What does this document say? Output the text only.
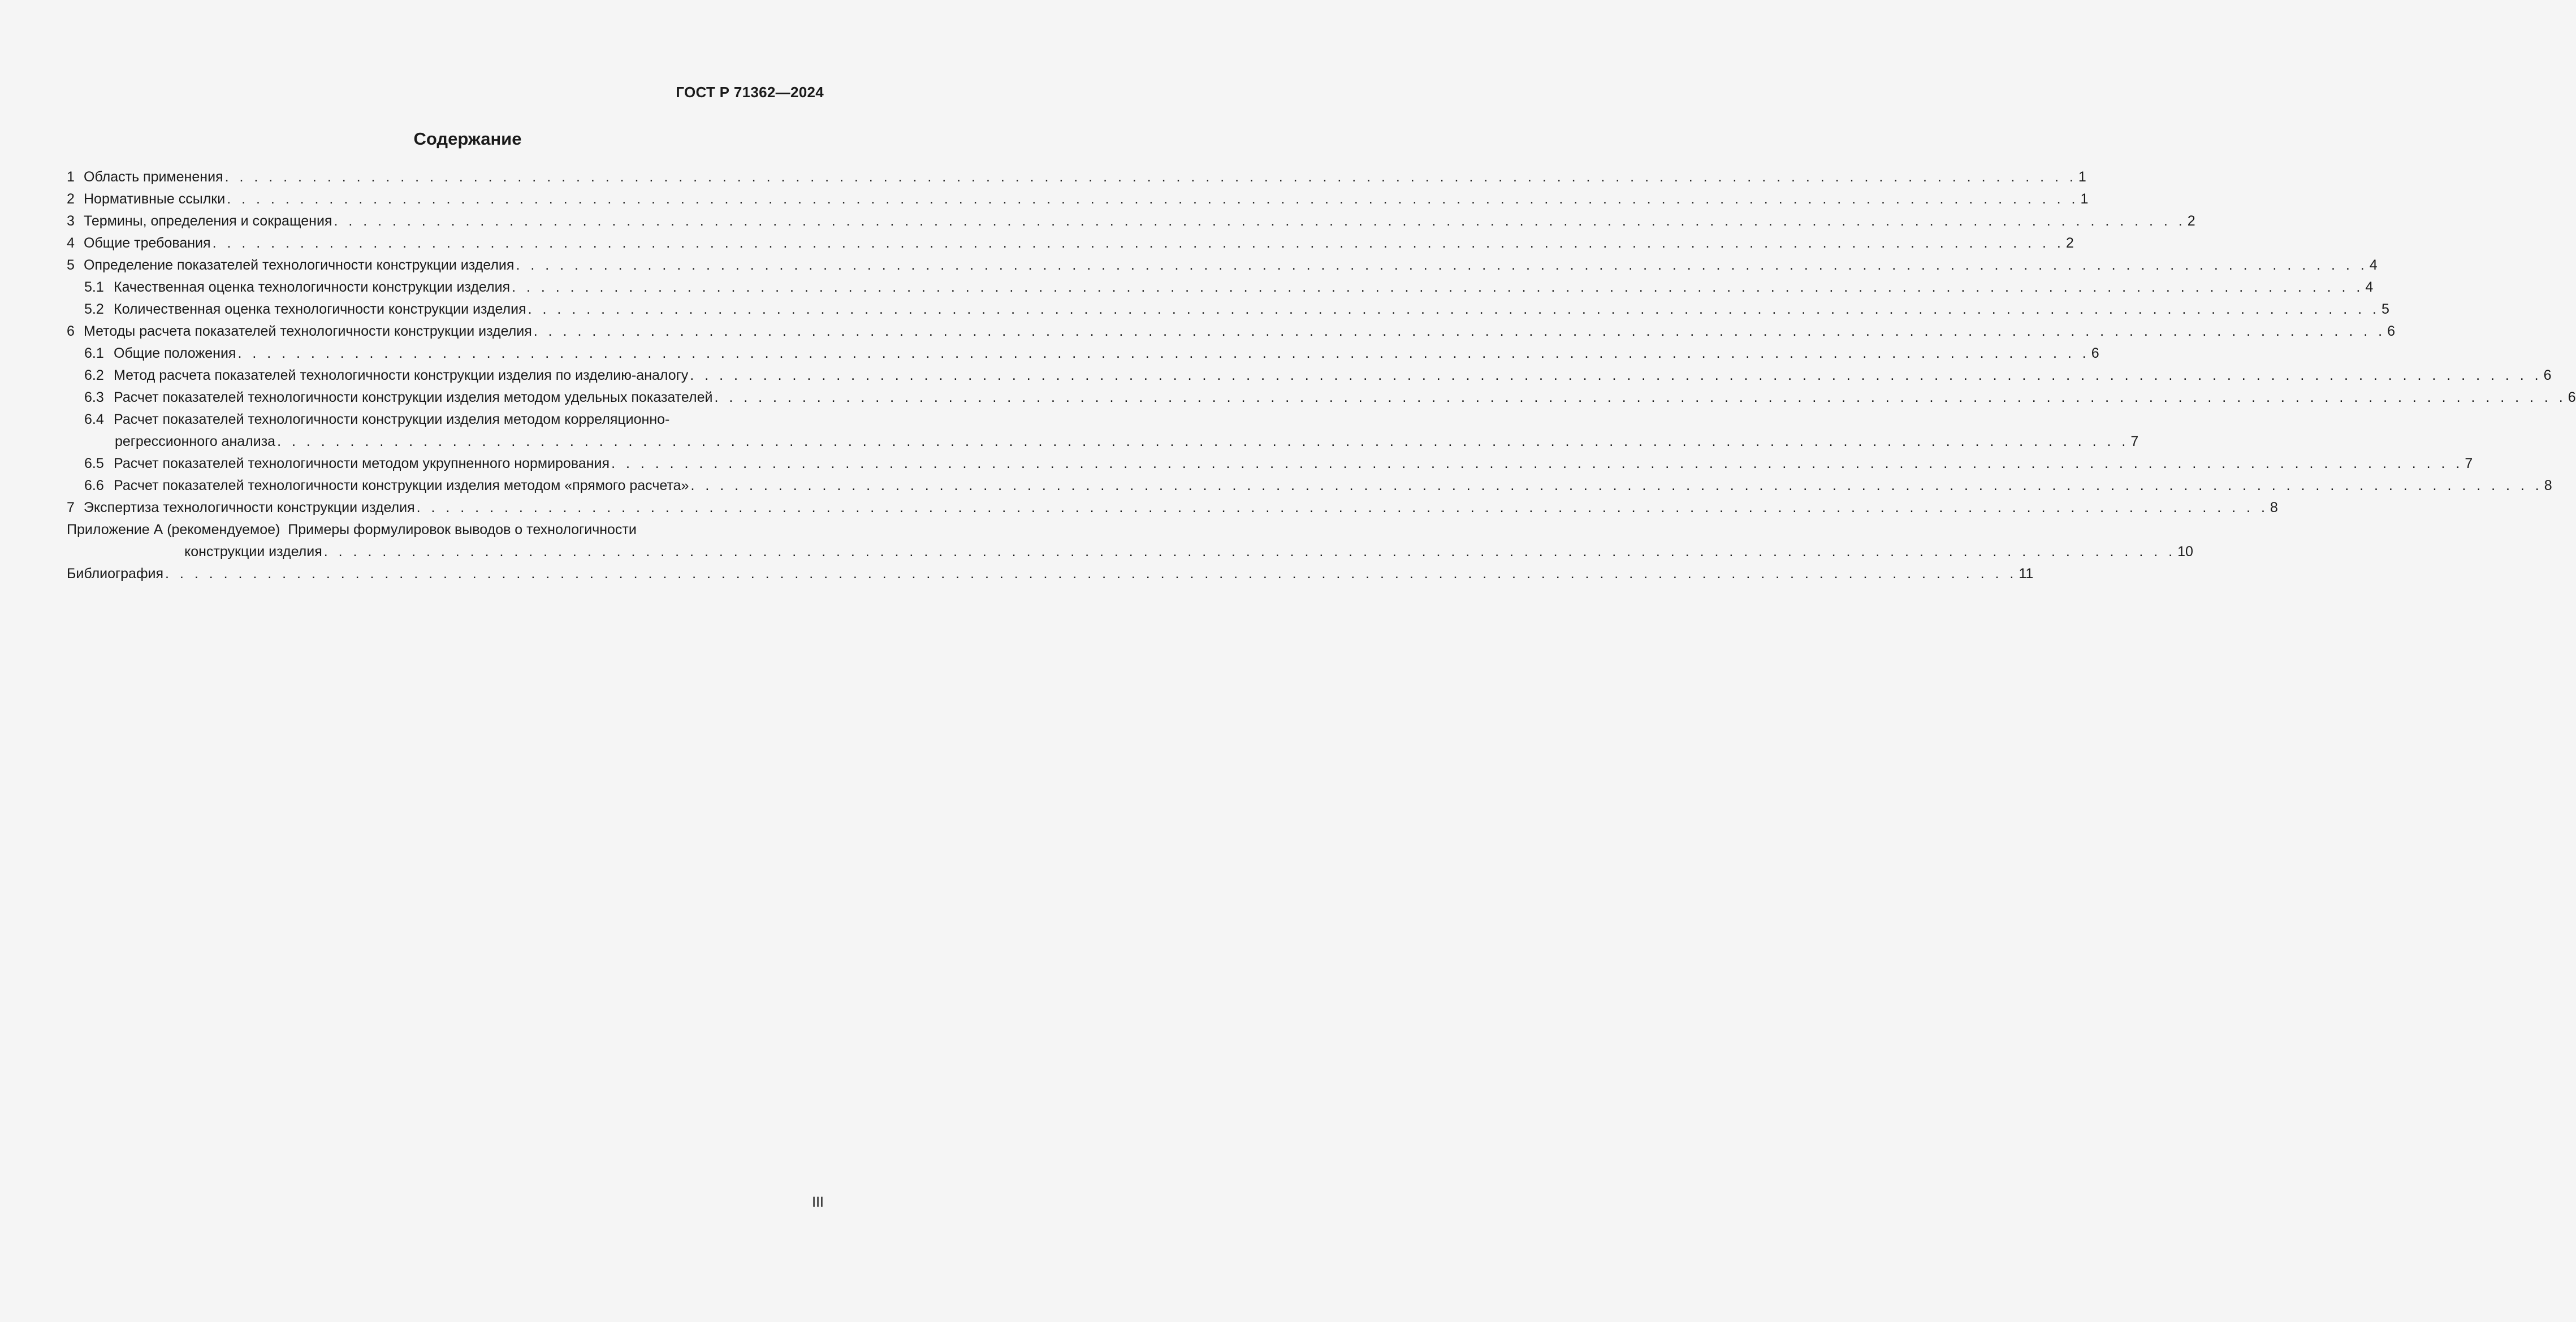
ГОСТ Р 71362—2024
Содержание
1 Область применения . . . . . . . . . . . . . . . . . . . . . . . . . . . . . . . . . . . . . . . . . . . . . . . . . . . . . . . . . . . . . . . . . . . . . . . . . . . . . . . . . . . . . . . . . . . . . . . . . . . . . . . . . . . . . . . . . . . . . . . . . . . . . . . 1
2 Нормативные ссылки . . . . . . . . . . . . . . . . . . . . . . . . . . . . . . . . . . . . . . . . . . . . . . . . . . . . . . . . . . . . . . . . . . . . . . . . . . . . . . . . . . . . . . . . . . . . . . . . . . . . . . . . . . . . . . . . . . . . . . . . . . . . . . . 1
3 Термины, определения и сокращения . . . . . . . . . . . . . . . . . . . . . . . . . . . . . . . . . . . . . . . . . . . . . . . . . . . . . . . . . . . . . . . . . . . . . . . . . . . . . . . . . . . . . . . . . . . . . . . . . . . . . . . . . . . . . . . . . . . . . . . . . . . . . . . 2
4 Общие требования . . . . . . . . . . . . . . . . . . . . . . . . . . . . . . . . . . . . . . . . . . . . . . . . . . . . . . . . . . . . . . . . . . . . . . . . . . . . . . . . . . . . . . . . . . . . . . . . . . . . . . . . . . . . . . . . . . . . . . . . . . . . . . . 2
5 Определение показателей технологичности конструкции изделия . . . . . . . . . . . . . . . . . . . . . . . . . . . . . . . . . . . . . . . . . . . . . . . . . . . . . . . . . . . . . . . . . . . . . . . . . . . . . . . . . . . . . . . . . . . . . . . . . . . . . . . . . . . . . . . . . . . . . . . . . . . . . . . 4
5.1 Качественная оценка технологичности конструкции изделия . . . . . . . . . . . . . . . . . . . . . . . . . . . . . . . . . . . . . . . . . . . . . . . . . . . . . . . . . . . . . . . . . . . . . . . . . . . . . . . . . . . . . . . . . . . . . . . . . . . . . . . . . . . . . . . . . . . . . . . . . . . . . . . 4
5.2 Количественная оценка технологичности конструкции изделия . . . . . . . . . . . . . . . . . . . . . . . . . . . . . . . . . . . . . . . . . . . . . . . . . . . . . . . . . . . . . . . . . . . . . . . . . . . . . . . . . . . . . . . . . . . . . . . . . . . . . . . . . . . . . . . . . . . . . . . . . . . . . . . 5
6 Методы расчета показателей технологичности конструкции изделия . . . . . . . . . . . . . . . . . . . . . . . . . . . . . . . . . . . . . . . . . . . . . . . . . . . . . . . . . . . . . . . . . . . . . . . . . . . . . . . . . . . . . . . . . . . . . . . . . . . . . . . . . . . . . . . . . . . . . . . . . . . . . . . 6
6.1 Общие положения . . . . . . . . . . . . . . . . . . . . . . . . . . . . . . . . . . . . . . . . . . . . . . . . . . . . . . . . . . . . . . . . . . . . . . . . . . . . . . . . . . . . . . . . . . . . . . . . . . . . . . . . . . . . . . . . . . . . . . . . . . . . . . . 6
6.2 Метод расчета показателей технологичности конструкции изделия по изделию-аналогу . . . . . . . . . . . . . . . . . . . . . . . . . . . . . . . . . . . . . . . . . . . . . . . . . . . . . . . . . . . . . . . . . . . . . . . . . . . . . . . . . . . . . . . . . . . . . . . . . . . . . . . . . . . . . . . . . . . . . . . . . . . . . . . 6
6.3 Расчет показателей технологичности конструкции изделия методом удельных показателей . . . . . . . . . . . . . . . . . . . . . . . . . . . . . . . . . . . . . . . . . . . . . . . . . . . . . . . . . . . . . . . . . . . . . . . . . . . . . . . . . . . . . . . . . . . . . . . . . . . . . . . . . . . . . . . . . . . . . . . . . . . . . . . 6
6.4 Расчет показателей технологичности конструкции изделия методом корреляционно-
регрессионного анализа . . . . . . . . . . . . . . . . . . . . . . . . . . . . . . . . . . . . . . . . . . . . . . . . . . . . . . . . . . . . . . . . . . . . . . . . . . . . . . . . . . . . . . . . . . . . . . . . . . . . . . . . . . . . . . . . . . . . . . . . . . . . . . . 7
6.5 Расчет показателей технологичности методом укрупненного нормирования . . . . . . . . . . . . . . . . . . . . . . . . . . . . . . . . . . . . . . . . . . . . . . . . . . . . . . . . . . . . . . . . . . . . . . . . . . . . . . . . . . . . . . . . . . . . . . . . . . . . . . . . . . . . . . . . . . . . . . . . . . . . . . . 7
6.6 Расчет показателей технологичности конструкции изделия методом «прямого расчета» . . . . . . . . . . . . . . . . . . . . . . . . . . . . . . . . . . . . . . . . . . . . . . . . . . . . . . . . . . . . . . . . . . . . . . . . . . . . . . . . . . . . . . . . . . . . . . . . . . . . . . . . . . . . . . . . . . . . . . . . . . . . . . . 8
7 Экспертиза технологичности конструкции изделия . . . . . . . . . . . . . . . . . . . . . . . . . . . . . . . . . . . . . . . . . . . . . . . . . . . . . . . . . . . . . . . . . . . . . . . . . . . . . . . . . . . . . . . . . . . . . . . . . . . . . . . . . . . . . . . . . . . . . . . . . . . . . . . 8
Приложение А (рекомендуемое) Примеры формулировок выводов о технологичности
конструкции изделия . . . . . . . . . . . . . . . . . . . . . . . . . . . . . . . . . . . . . . . . . . . . . . . . . . . . . . . . . . . . . . . . . . . . . . . . . . . . . . . . . . . . . . . . . . . . . . . . . . . . . . . . . . . . . . . . . . . . . . . . . . . . . . . 10
Библиография . . . . . . . . . . . . . . . . . . . . . . . . . . . . . . . . . . . . . . . . . . . . . . . . . . . . . . . . . . . . . . . . . . . . . . . . . . . . . . . . . . . . . . . . . . . . . . . . . . . . . . . . . . . . . . . . . . . . . . . . . . . . . . . 11
III
